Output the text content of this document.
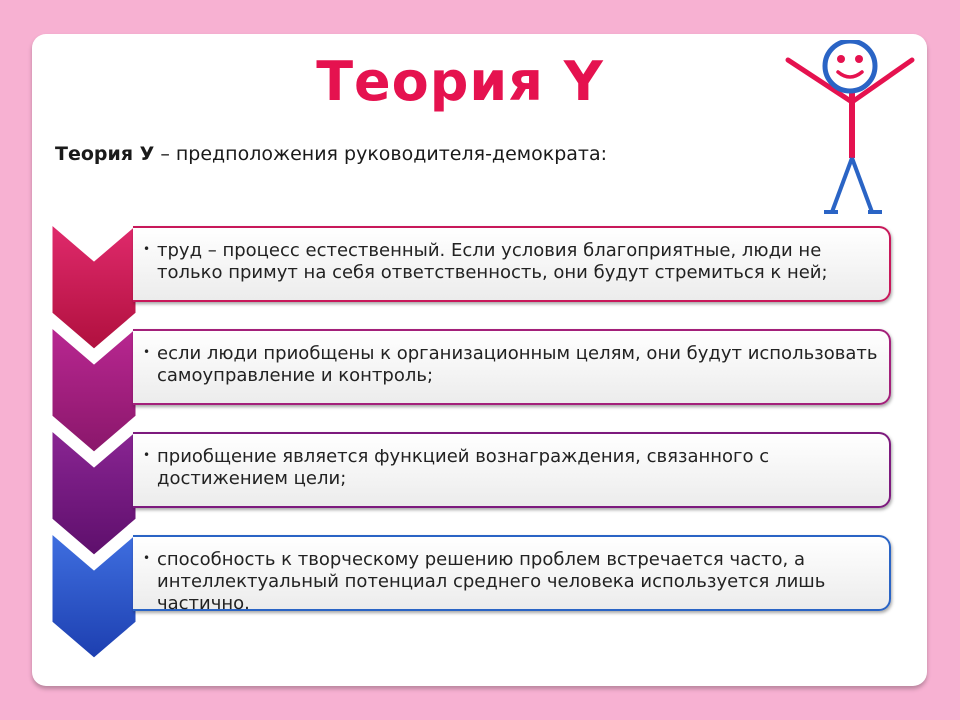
Теория Y
Теория У – предположения руководителя-демократа:
• труд – процесс естественный. Если условия благоприятные, люди не только примут на себя ответственность, они будут стремиться к ней;
• если люди приобщены к организационным целям, они будут использовать самоуправление и контроль;
• приобщение является функцией вознаграждения, связанного с достижением цели;
• способность к творческому решению проблем встречается часто, а интеллектуальный потенциал среднего человека используется лишь частично.
